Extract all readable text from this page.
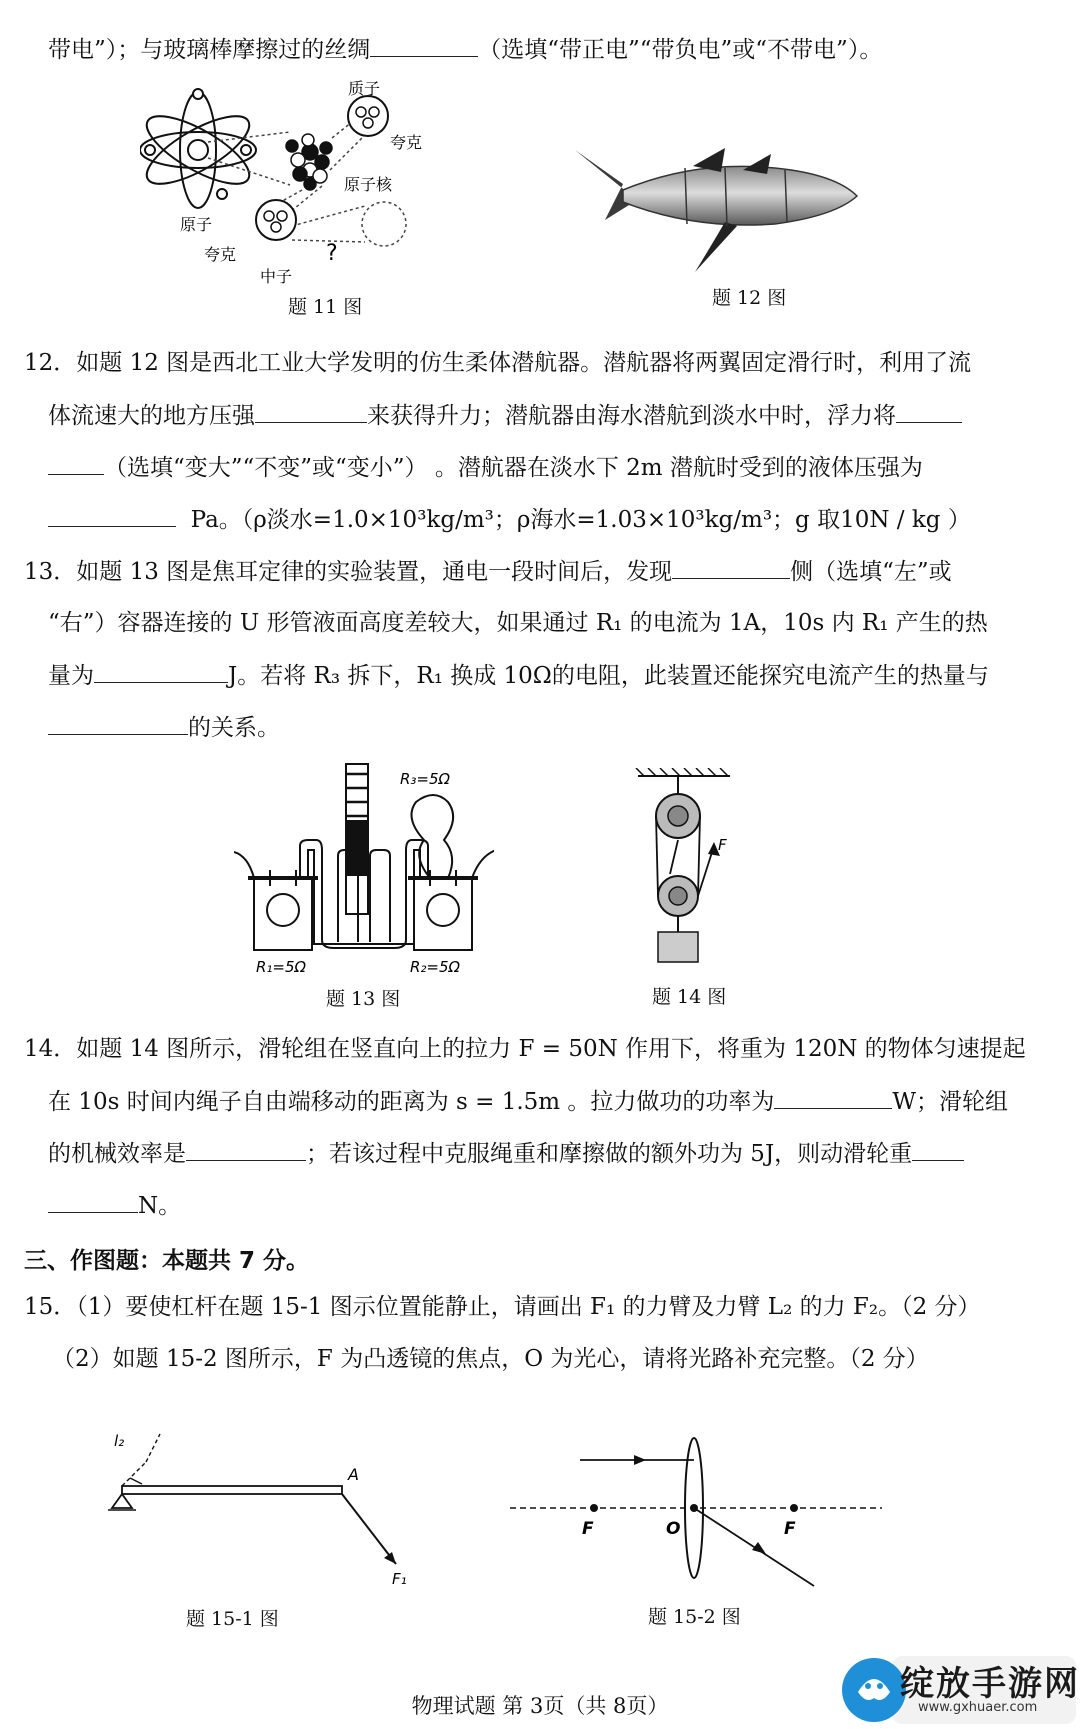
带电”）；与玻璃棒摩擦过的丝绸	（选填“带正电”“带负电”或“不带电”）。
质子
夸克
原子核
原子
夸克
中子
?
题 11 图	题 12 图
12．如题 12 图是西北工业大学发明的仿生柔体潜航器。潜航器将两翼固定滑行时，利用了流
体流速大的地方压强	来获得升力；潜航器由海水潜航到淡水中时，浮力将
（选填“变大”“不变”或“变小”） 。潜航器在淡水下 2m 潜航时受到的液体压强为
Pa。（ρ淡水=1.0×10³kg/m³；ρ海水=1.03×10³kg/m³；g 取10N / kg ）
13．如题 13 图是焦耳定律的实验装置，通电一段时间后，发现	侧（选填“左”或
“右”）容器连接的 U 形管液面高度差较大，如果通过 R₁ 的电流为 1A，10s 内 R₁ 产生的热
量为	J。若将 R₃ 拆下，R₁ 换成 10Ω的电阻，此装置还能探究电流产生的热量与
的关系。
R₃=5Ω
R₁=5Ω	R₂=5Ω
题 13 图
F
题 14 图
14．如题 14 图所示，滑轮组在竖直向上的拉力 F = 50N 作用下，将重为 120N 的物体匀速提起
在 10s 时间内绳子自由端移动的距离为 s = 1.5m 。拉力做功的功率为	W；滑轮组
的机械效率是	；若该过程中克服绳重和摩擦做的额外功为 5J，则动滑轮重
N。
三、作图题：本题共 7 分。
15．（1）要使杠杆在题 15-1 图示位置能静止，请画出 F₁ 的力臂及力臂 L₂ 的力 F₂。（2 分）
（2）如题 15-2 图所示，F 为凸透镜的焦点，O 为光心，请将光路补充完整。（2 分）
l₂
A
F₁
题 15-1 图
F	O	F
题 15-2 图
物理试题 第 3页（共 8页）
绽放手游网
www.gxhuaer.com
